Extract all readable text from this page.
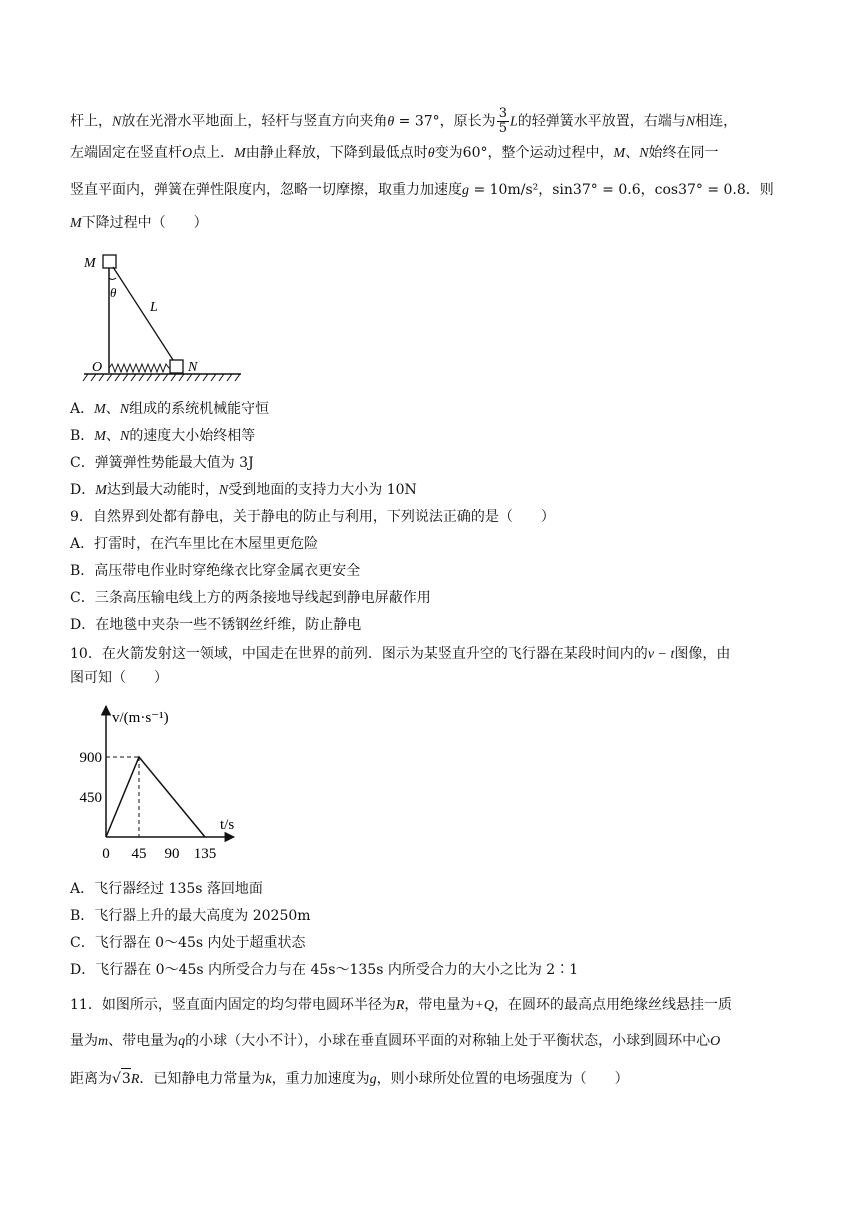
杆上，N放在光滑水平地面上，轻杆与竖直方向夹角θ = 37°，原长为 $\frac{3}{5}$ L的轻弹簧水平放置，右端与N相连，
左端固定在竖直杆O点上．M由静止释放，下降到最低点时θ变为60°，整个运动过程中，M、N始终在同一
竖直平面内，弹簧在弹性限度内，忽略一切摩擦，取重力加速度g = 10m/s²，sin37° = 0.6，cos37° = 0.8．则
M下降过程中（　　）
M
θ
L
O	N
A．M、N组成的系统机械能守恒
B．M、N的速度大小始终相等
C．弹簧弹性势能最大值为 3J
D．M达到最大动能时，N受到地面的支持力大小为 10N
9．自然界到处都有静电，关于静电的防止与利用，下列说法正确的是（　　）
A．打雷时，在汽车里比在木屋里更危险
B．高压带电作业时穿绝缘衣比穿金属衣更安全
C．三条高压输电线上方的两条接地导线起到静电屏蔽作用
D．在地毯中夹杂一些不锈钢丝纤维，防止静电
10．在火箭发射这一领域，中国走在世界的前列．图示为某竖直升空的飞行器在某段时间内的v − t图像，由
图可知（　　）
v/(m·s⁻¹)
t/s
0 45 90 135
450
900
A．飞行器经过 135s 落回地面
B．飞行器上升的最大高度为 20250m
C．飞行器在 0～45s 内处于超重状态
D．飞行器在 0～45s 内所受合力与在 45s～135s 内所受合力的大小之比为 2∶1
11．如图所示，竖直面内固定的均匀带电圆环半径为R，带电量为+Q，在圆环的最高点用绝缘丝线悬挂一质
量为m、带电量为q的小球（大小不计），小球在垂直圆环平面的对称轴上处于平衡状态，小球到圆环中心O
距离为√3R．已知静电力常量为k，重力加速度为g，则小球所处位置的电场强度为（　　）
